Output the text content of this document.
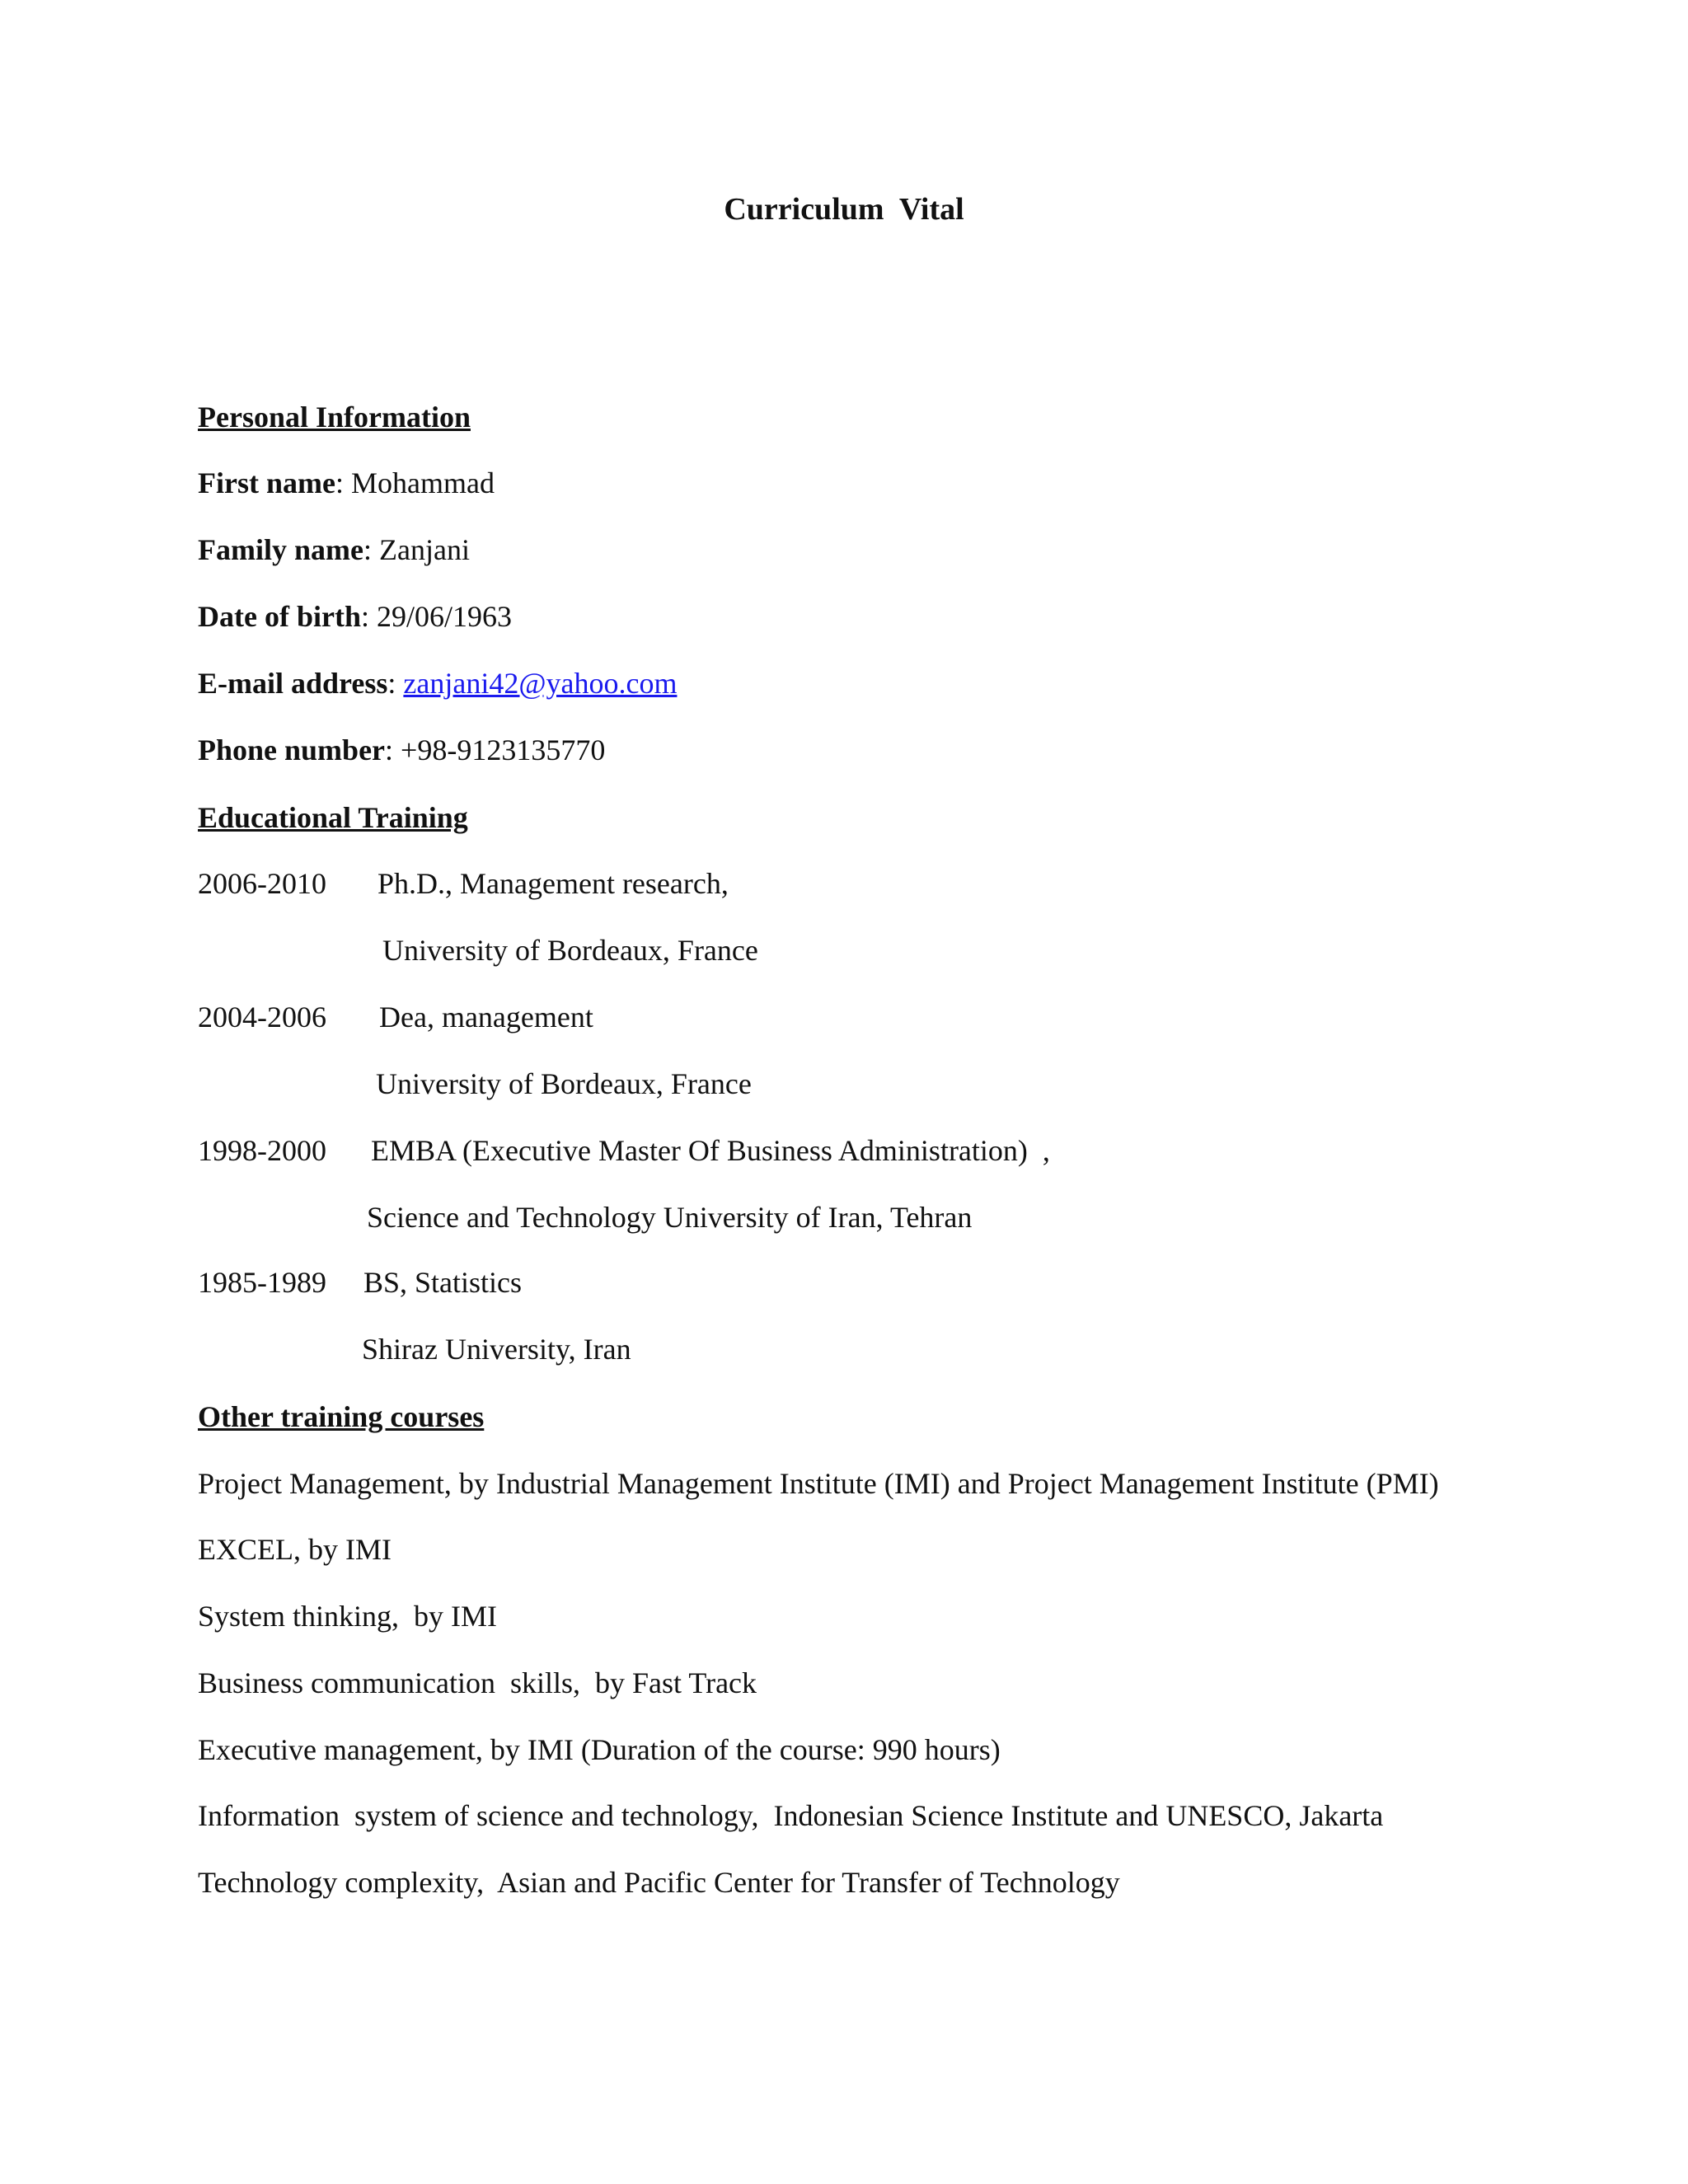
Curriculum  Vital
Personal Information
First name: Mohammad
Family name: Zanjani
Date of birth: 29/06/1963
E-mail address: zanjani42@yahoo.com
Phone number: +98-9123135770
Educational Training
2006-2010 Ph.D., Management research,
University of Bordeaux, France
2004-2006 Dea, management
University of Bordeaux, France
1998-2000 EMBA (Executive Master Of Business Administration)  ,
Science and Technology University of Iran, Tehran
1985-1989 BS, Statistics
Shiraz University, Iran
Other training courses
Project Management, by Industrial Management Institute (IMI) and Project Management Institute (PMI)
EXCEL, by IMI
System thinking,  by IMI
Business communication  skills,  by Fast Track
Executive management, by IMI (Duration of the course: 990 hours)
Information  system of science and technology,  Indonesian Science Institute and UNESCO, Jakarta
Technology complexity,  Asian and Pacific Center for Transfer of Technology
